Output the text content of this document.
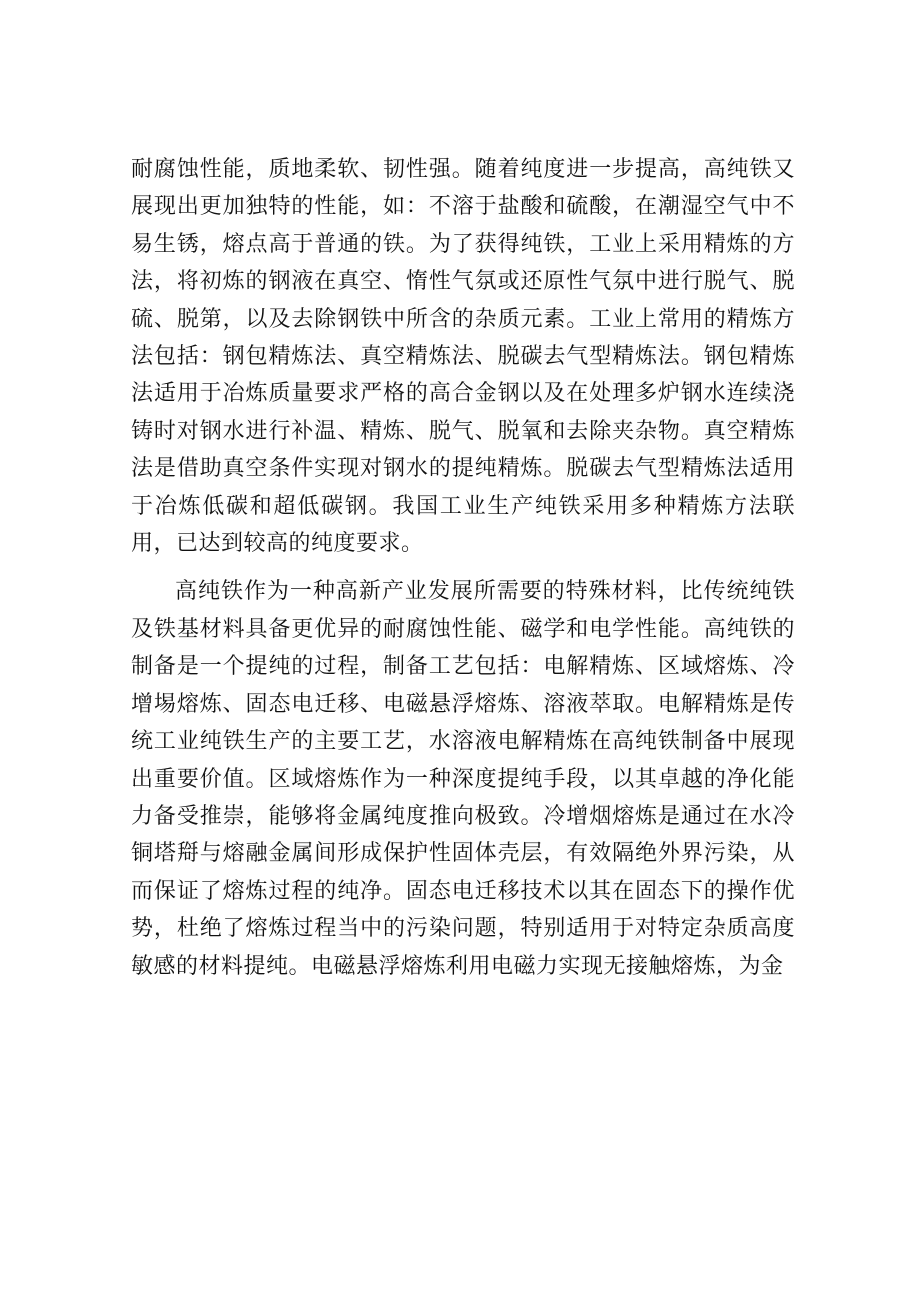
耐腐蚀性能，质地柔软、韧性强。随着纯度进一步提高，高纯铁又展现出更加独特的性能，如：不溶于盐酸和硫酸，在潮湿空气中不易生锈，熔点高于普通的铁。为了获得纯铁，工业上采用精炼的方法，将初炼的钢液在真空、惰性气氛或还原性气氛中进行脱气、脱硫、脱第，以及去除钢铁中所含的杂质元素。工业上常用的精炼方法包括：钢包精炼法、真空精炼法、脱碳去气型精炼法。钢包精炼法适用于冶炼质量要求严格的高合金钢以及在处理多炉钢水连续浇铸时对钢水进行补温、精炼、脱气、脱氧和去除夹杂物。真空精炼法是借助真空条件实现对钢水的提纯精炼。脱碳去气型精炼法适用于冶炼低碳和超低碳钢。我国工业生产纯铁采用多种精炼方法联用，已达到较高的纯度要求。

高纯铁作为一种高新产业发展所需要的特殊材料，比传统纯铁及铁基材料具备更优异的耐腐蚀性能、磁学和电学性能。高纯铁的制备是一个提纯的过程，制备工艺包括：电解精炼、区域熔炼、冷增埸熔炼、固态电迁移、电磁悬浮熔炼、溶液萃取。电解精炼是传统工业纯铁生产的主要工艺，水溶液电解精炼在高纯铁制备中展现出重要价值。区域熔炼作为一种深度提纯手段，以其卓越的净化能力备受推崇，能够将金属纯度推向极致。冷增烟熔炼是通过在水冷铜塔搿与熔融金属间形成保护性固体壳层，有效隔绝外界污染，从而保证了熔炼过程的纯净。固态电迁移技术以其在固态下的操作优势，杜绝了熔炼过程当中的污染问题，特别适用于对特定杂质高度敏感的材料提纯。电磁悬浮熔炼利用电磁力实现无接触熔炼，为金
